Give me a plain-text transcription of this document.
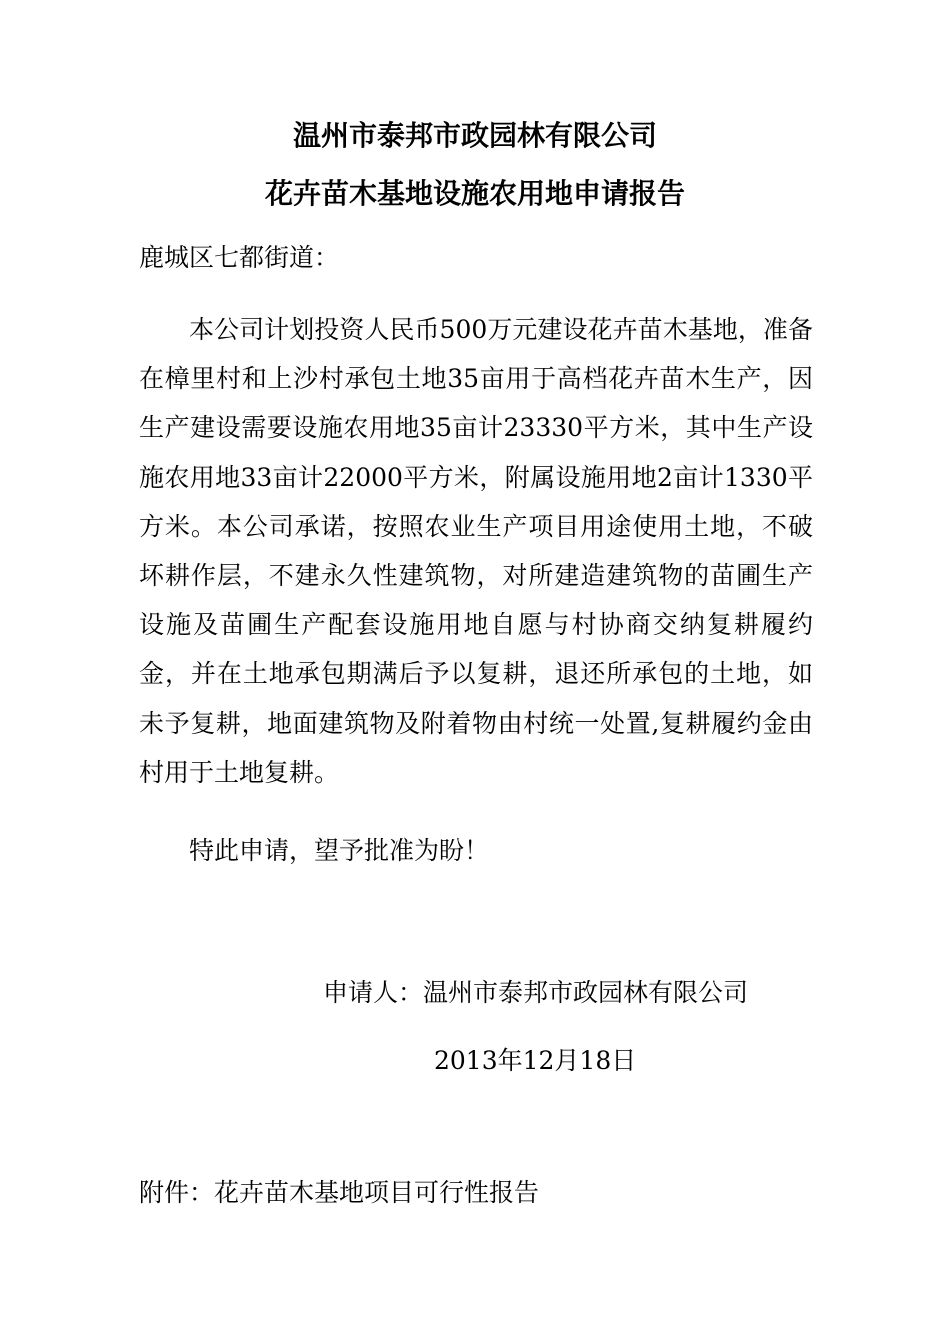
温州市泰邦市政园林有限公司
花卉苗木基地设施农用地申请报告
鹿城区七都街道：

本公司计划投资人民币500万元建设花卉苗木基地，准备在樟里村和上沙村承包土地35亩用于高档花卉苗木生产，因生产建设需要设施农用地35亩计23330平方米，其中生产设施农用地33亩计22000平方米，附属设施用地2亩计1330平方米。本公司承诺，按照农业生产项目用途使用土地，不破坏耕作层，不建永久性建筑物，对所建造建筑物的苗圃生产设施及苗圃生产配套设施用地自愿与村协商交纳复耕履约金，并在土地承包期满后予以复耕，退还所承包的土地，如未予复耕，地面建筑物及附着物由村统一处置,复耕履约金由村用于土地复耕。

特此申请，望予批准为盼！

申请人：温州市泰邦市政园林有限公司
2013年12月18日
附件：花卉苗木基地项目可行性报告
